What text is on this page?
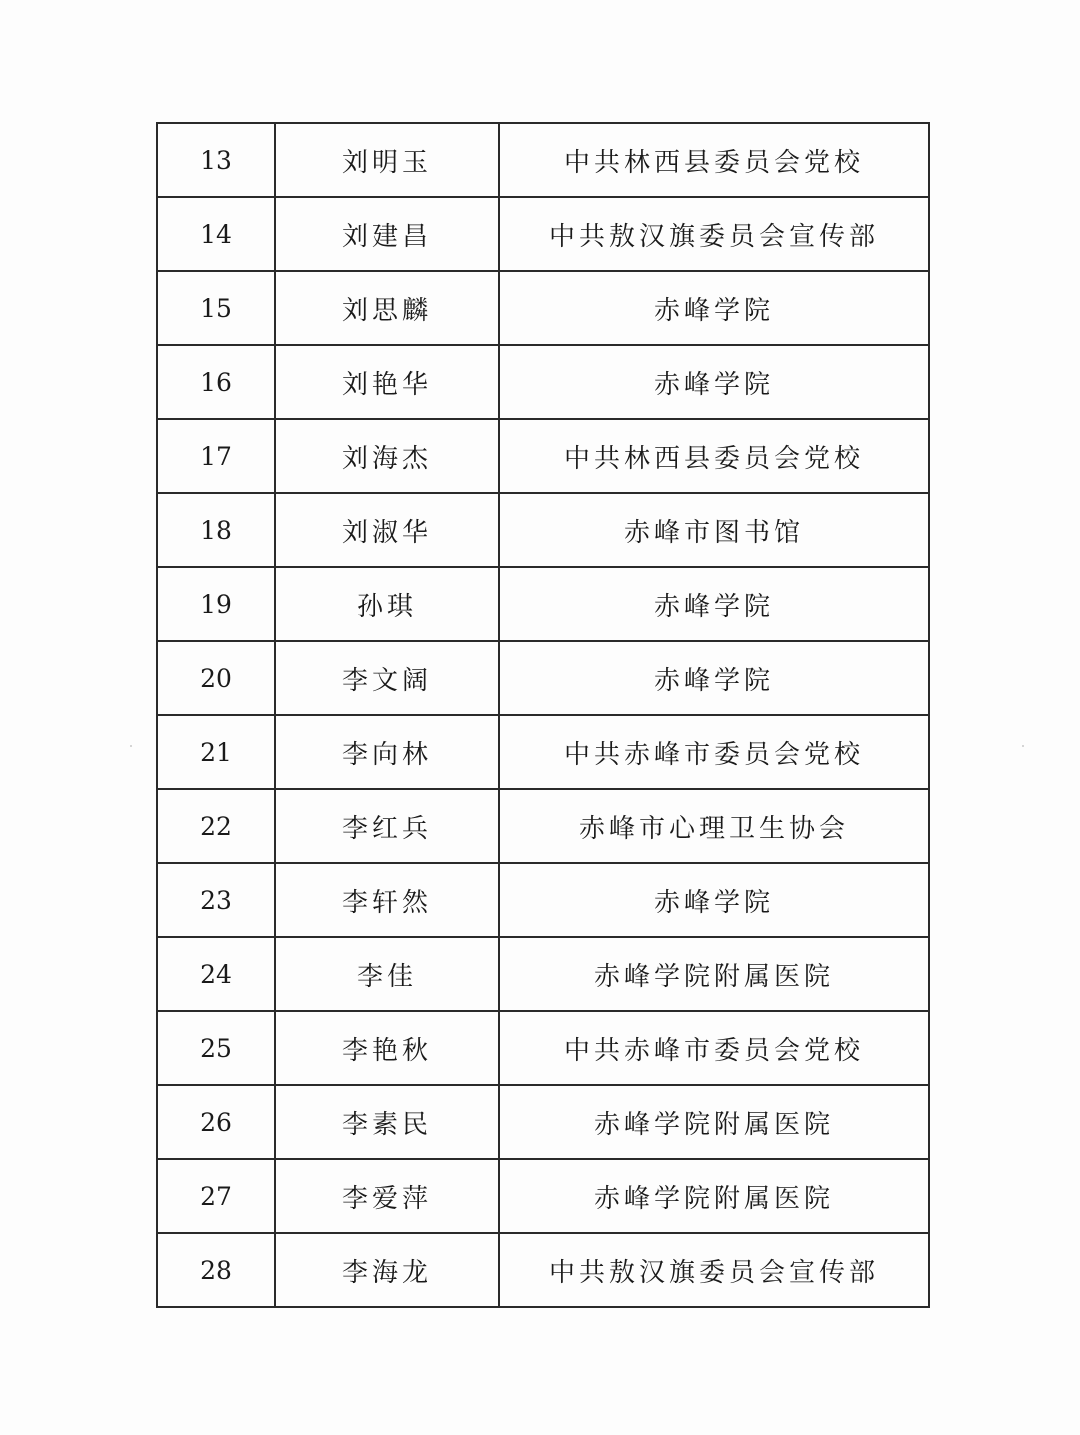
13	刘明玉	中共林西县委员会党校
14	刘建昌	中共敖汉旗委员会宣传部
15	刘思麟	赤峰学院
16	刘艳华	赤峰学院
17	刘海杰	中共林西县委员会党校
18	刘淑华	赤峰市图书馆
19	孙琪	赤峰学院
20	李文阔	赤峰学院
21	李向林	中共赤峰市委员会党校
22	李红兵	赤峰市心理卫生协会
23	李轩然	赤峰学院
24	李佳	赤峰学院附属医院
25	李艳秋	中共赤峰市委员会党校
26	李素民	赤峰学院附属医院
27	李爱萍	赤峰学院附属医院
28	李海龙	中共敖汉旗委员会宣传部
